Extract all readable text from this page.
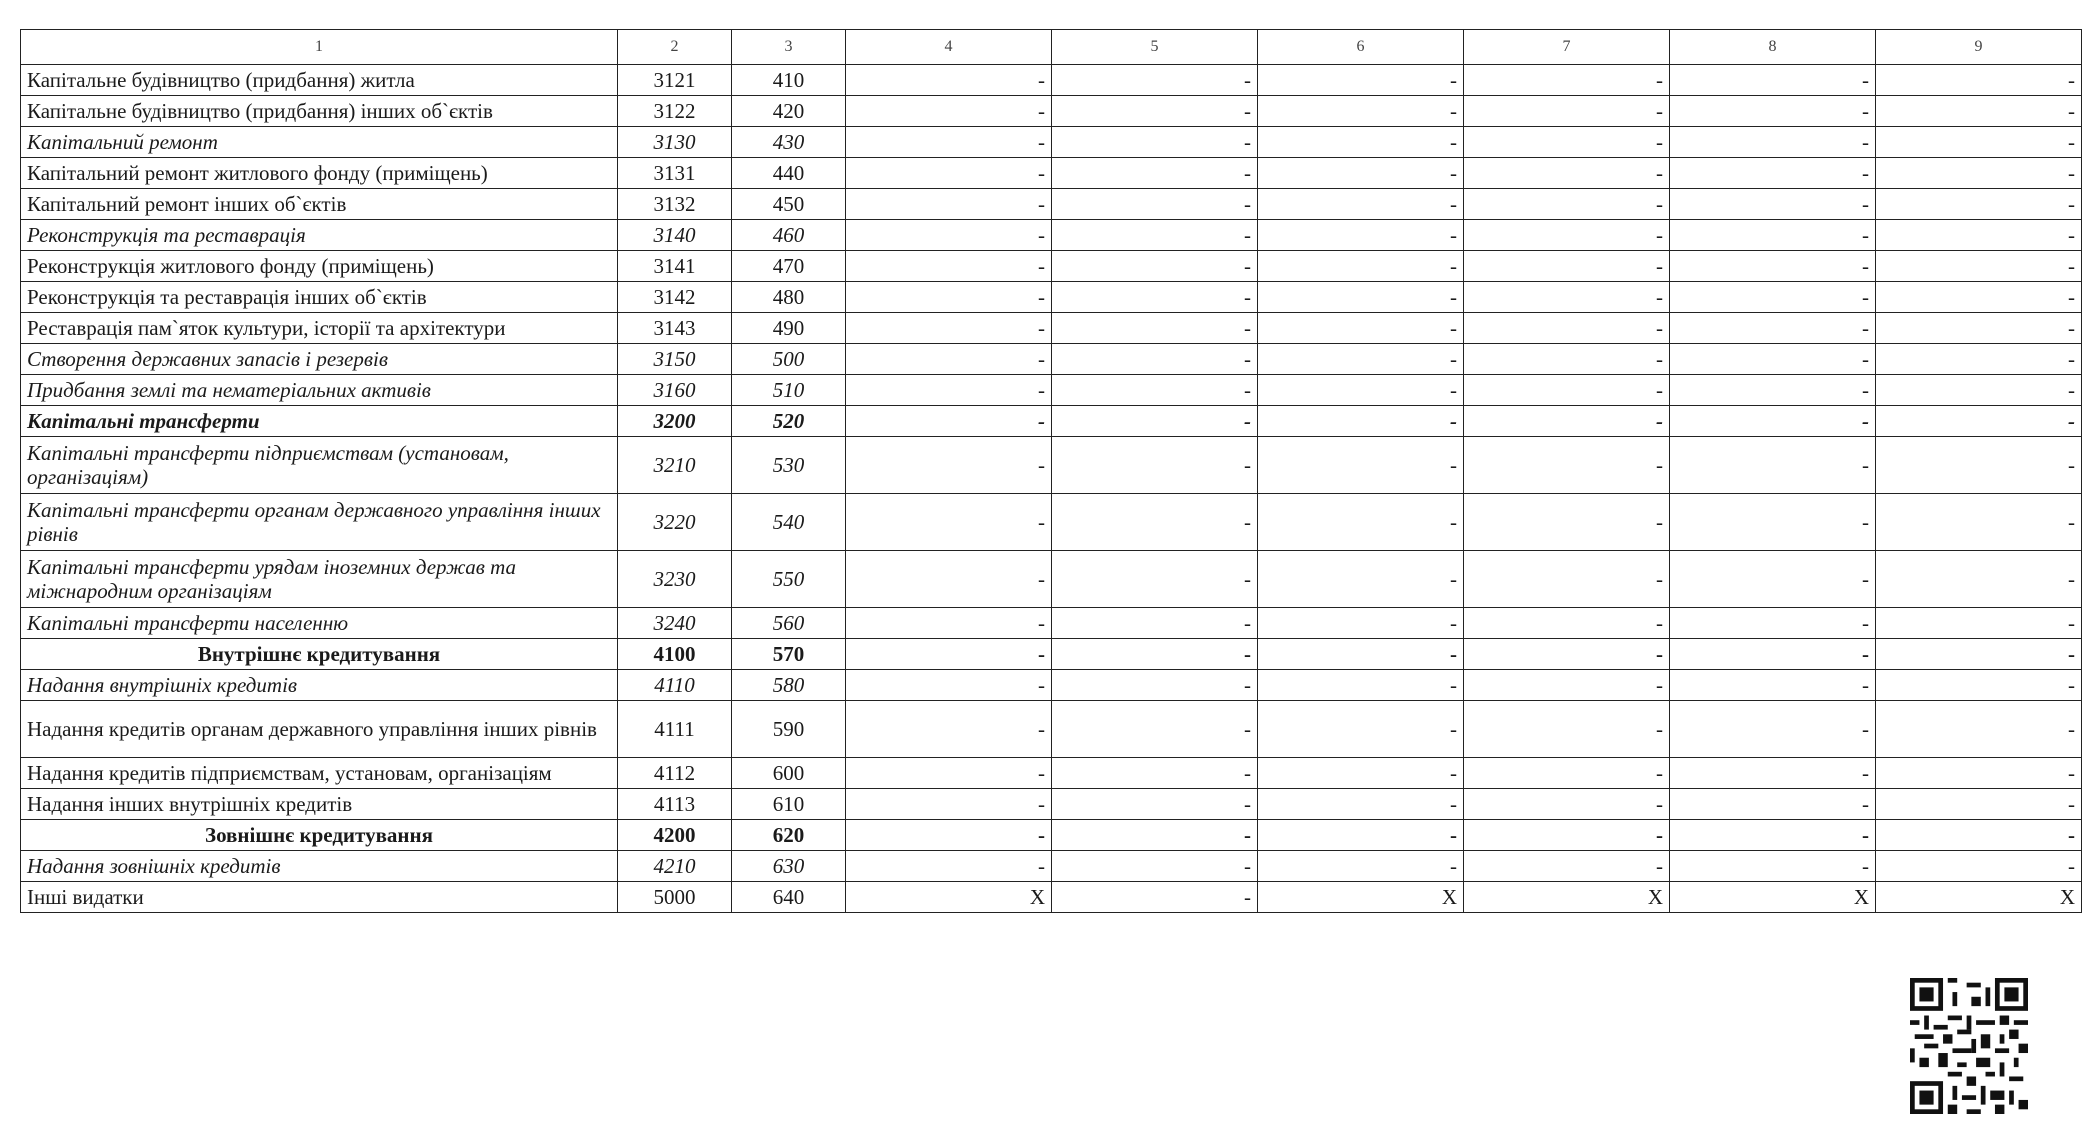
1	2	3	4	5	6	7	8	9
Капітальне будівництво (придбання) житла	3121	410	-	-	-	-	-	-
Капітальне будівництво (придбання) інших об`єктів	3122	420	-	-	-	-	-	-
Капітальний ремонт	3130	430	-	-	-	-	-	-
Капітальний ремонт житлового фонду (приміщень)	3131	440	-	-	-	-	-	-
Капітальний ремонт інших об`єктів	3132	450	-	-	-	-	-	-
Реконструкція та реставрація	3140	460	-	-	-	-	-	-
Реконструкція житлового фонду (приміщень)	3141	470	-	-	-	-	-	-
Реконструкція та реставрація інших об`єктів	3142	480	-	-	-	-	-	-
Реставрація пам`яток культури, історії та архітектури	3143	490	-	-	-	-	-	-
Створення державних запасів і резервів	3150	500	-	-	-	-	-	-
Придбання землі та нематеріальних активів	3160	510	-	-	-	-	-	-
Капітальні трансферти	3200	520	-	-	-	-	-	-
Капітальні трансферти підприємствам (установам, організаціям)	3210	530	-	-	-	-	-	-
Капітальні трансферти органам державного управління інших рівнів	3220	540	-	-	-	-	-	-
Капітальні трансферти урядам іноземних держав та міжнародним організаціям	3230	550	-	-	-	-	-	-
Капітальні трансферти населенню	3240	560	-	-	-	-	-	-
Внутрішнє кредитування	4100	570	-	-	-	-	-	-
Надання внутрішніх кредитів	4110	580	-	-	-	-	-	-
Надання кредитів органам державного управління інших рівнів	4111	590	-	-	-	-	-	-
Надання кредитів підприємствам, установам, організаціям	4112	600	-	-	-	-	-	-
Надання інших внутрішніх кредитів	4113	610	-	-	-	-	-	-
Зовнішнє кредитування	4200	620	-	-	-	-	-	-
Надання зовнішніх кредитів	4210	630	-	-	-	-	-	-
Інші видатки	5000	640	X	-	X	X	X	X
